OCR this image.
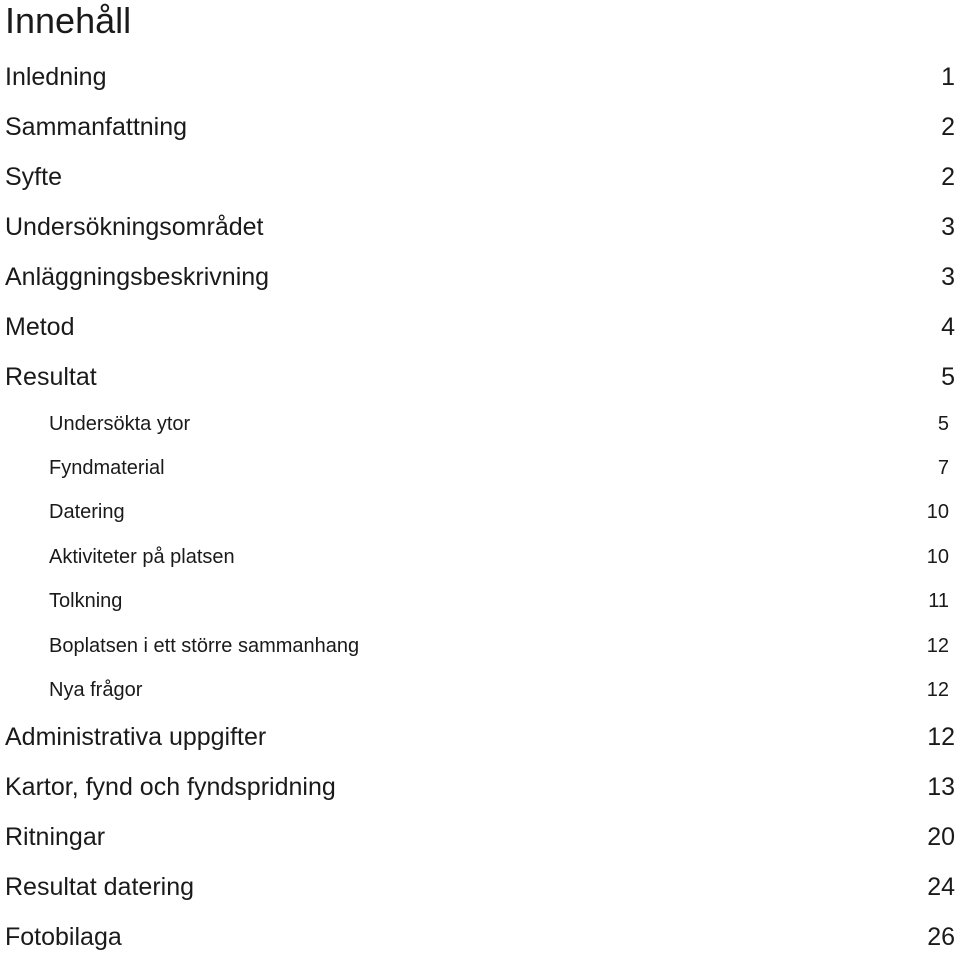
Innehåll
Inledning	1
Sammanfattning	2
Syfte	2
Undersökningsområdet	3
Anläggningsbeskrivning	3
Metod	4
Resultat	5
Undersökta ytor	5
Fyndmaterial	7
Datering	10
Aktiviteter på platsen	10
Tolkning	11
Boplatsen i ett större sammanhang	12
Nya frågor	12
Administrativa uppgifter	12
Kartor, fynd och fyndspridning	13
Ritningar	20
Resultat datering	24
Fotobilaga	26
